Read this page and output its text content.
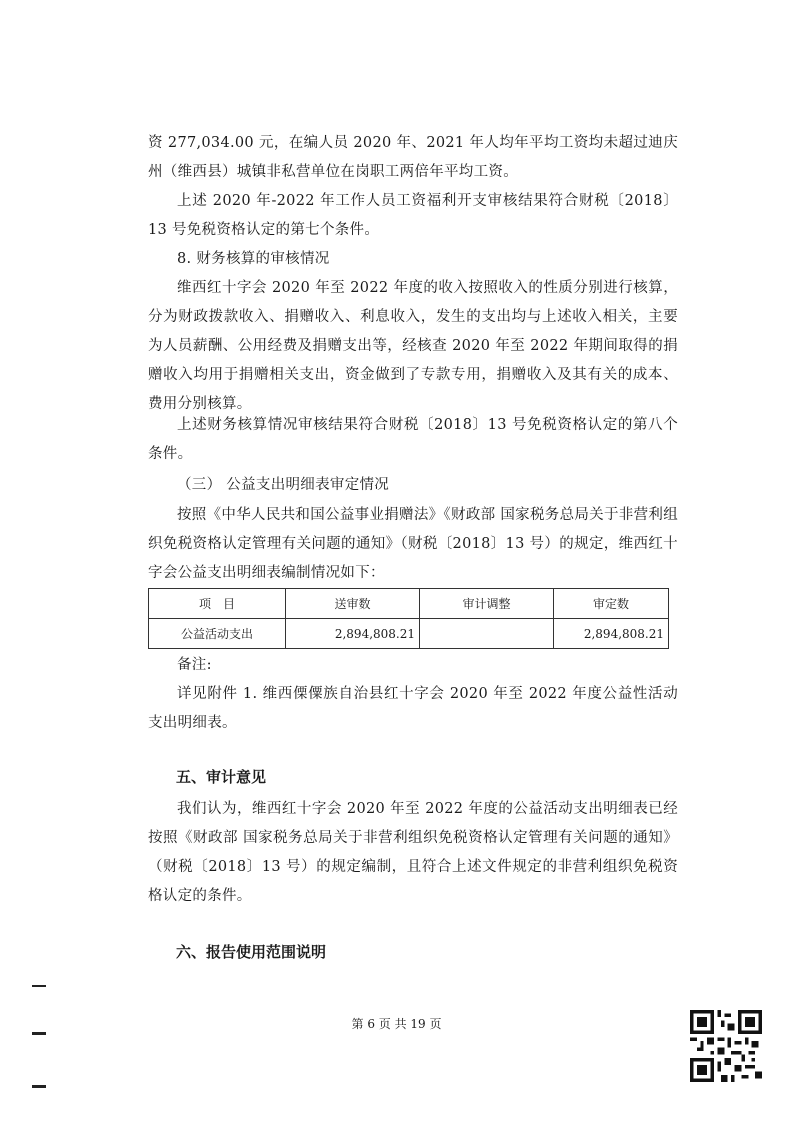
资 277,034.00 元，在编人员 2020 年、2021 年人均年平均工资均未超过迪庆州（维西县）城镇非私营单位在岗职工两倍年平均工资。

上述 2020 年-2022 年工作人员工资福利开支审核结果符合财税〔2018〕13 号免税资格认定的第七个条件。

8. 财务核算的审核情况

维西红十字会 2020 年至 2022 年度的收入按照收入的性质分别进行核算，分为财政拨款收入、捐赠收入、利息收入，发生的支出均与上述收入相关，主要为人员薪酬、公用经费及捐赠支出等，经核查 2020 年至 2022 年期间取得的捐赠收入均用于捐赠相关支出，资金做到了专款专用，捐赠收入及其有关的成本、费用分别核算。

上述财务核算情况审核结果符合财税〔2018〕13 号免税资格认定的第八个条件。

（三） 公益支出明细表审定情况

按照《中华人民共和国公益事业捐赠法》《财政部 国家税务总局关于非营利组织免税资格认定管理有关问题的通知》（财税〔2018〕13 号）的规定，维西红十字会公益支出明细表编制情况如下：

项　目	送审数	审计调整	审定数
公益活动支出	2,894,808.21		2,894,808.21

备注:

详见附件 1. 维西傈僳族自治县红十字会 2020 年至 2022 年度公益性活动支出明细表。

五、审计意见

我们认为，维西红十字会 2020 年至 2022 年度的公益活动支出明细表已经按照《财政部 国家税务总局关于非营利组织免税资格认定管理有关问题的通知》（财税〔2018〕13 号）的规定编制，且符合上述文件规定的非营利组织免税资格认定的条件。

六、报告使用范围说明

第 6 页 共 19 页
